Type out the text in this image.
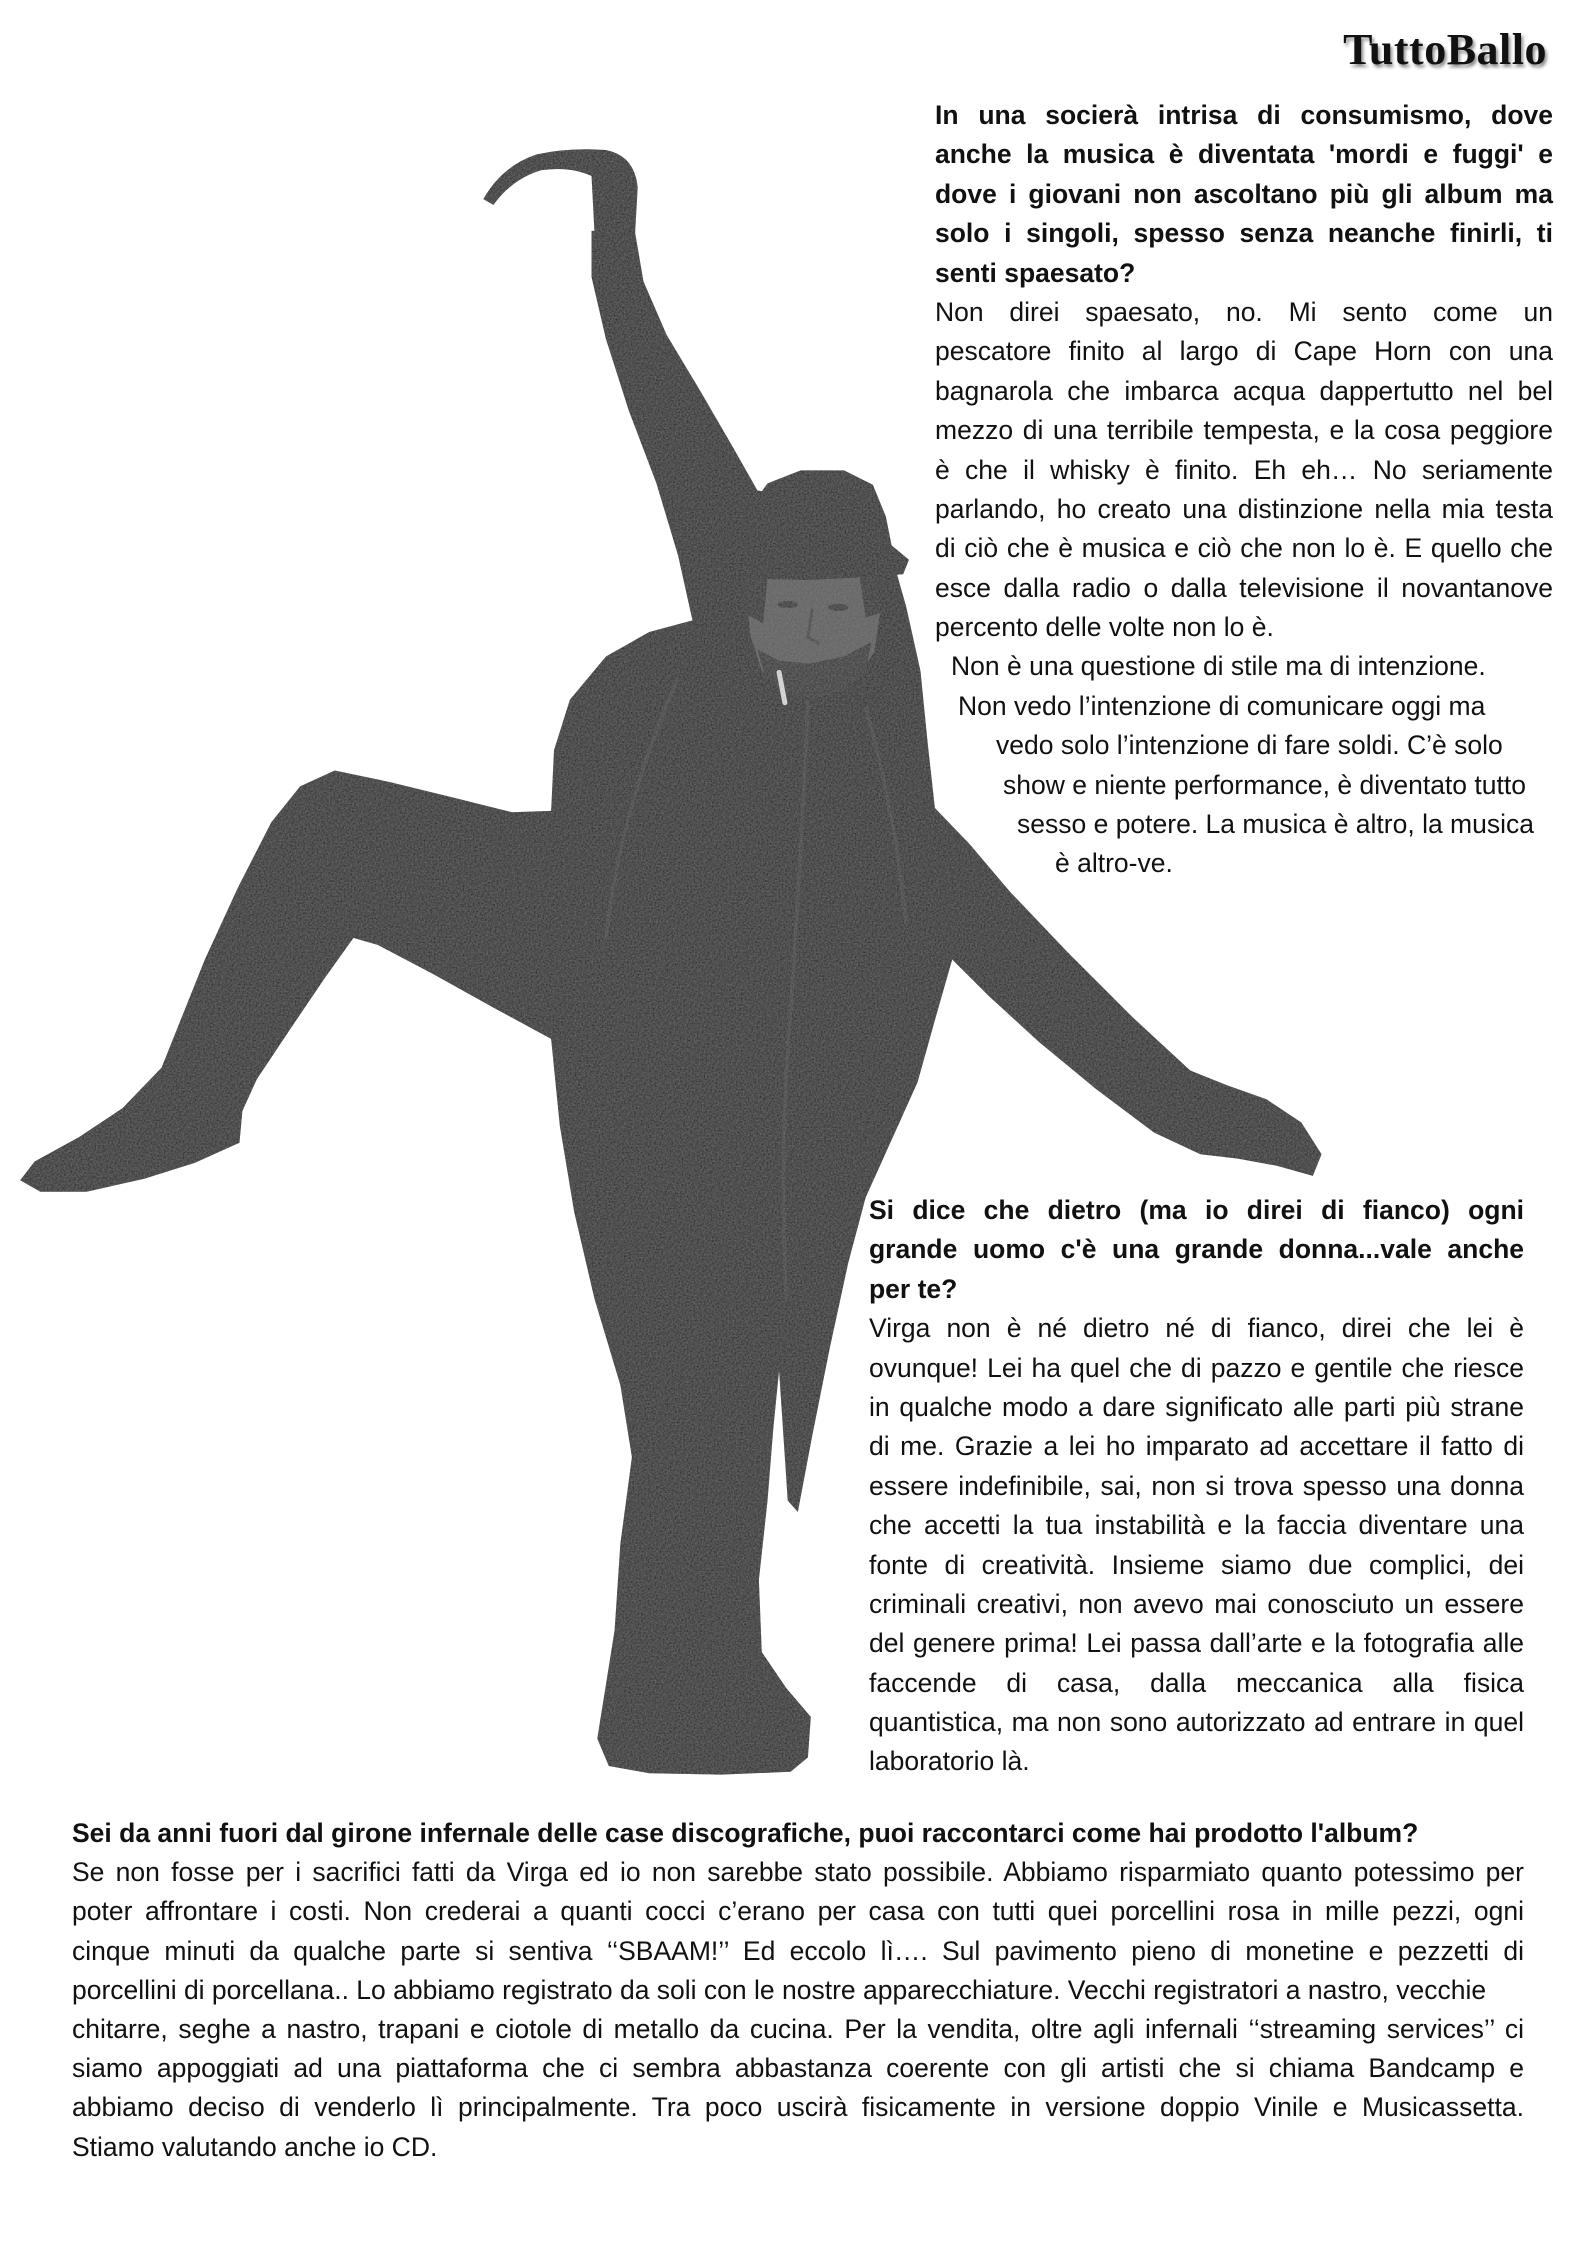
TuttoBallo
In una socierà intrisa di consumismo, dove
anche la musica è diventata 'mordi e fuggi' e
dove i giovani non ascoltano più gli album ma
solo i singoli, spesso senza neanche finirli, ti
senti spaesato?
Non direi spaesato, no. Mi sento come un
pescatore finito al largo di Cape Horn con una
bagnarola che imbarca acqua dappertutto nel bel
mezzo di una terribile tempesta, e la cosa peggiore
è che il whisky è finito. Eh eh… No seriamente
parlando, ho creato una distinzione nella mia testa
di ciò che è musica e ciò che non lo è. E quello che
esce dalla radio o dalla televisione il novantanove
percento delle volte non lo è.
Non è una questione di stile ma di intenzione.
Non vedo l’intenzione di comunicare oggi ma
vedo solo l’intenzione di fare soldi. C’è solo
show e niente performance, è diventato tutto
sesso e potere. La musica è altro, la musica
è altro-ve.
Si dice che dietro (ma io direi di fianco) ogni
grande uomo c'è una grande donna...vale anche
per te?
Virga non è né dietro né di fianco, direi che lei è
ovunque! Lei ha quel che di pazzo e gentile che riesce
in qualche modo a dare significato alle parti più strane
di me. Grazie a lei ho imparato ad accettare il fatto di
essere indefinibile, sai, non si trova spesso una donna
che accetti la tua instabilità e la faccia diventare una
fonte di creatività. Insieme siamo due complici, dei
criminali creativi, non avevo mai conosciuto un essere
del genere prima! Lei passa dall’arte e la fotografia alle
faccende di casa, dalla meccanica alla fisica
quantistica, ma non sono autorizzato ad entrare in quel
laboratorio là.
Sei da anni fuori dal girone infernale delle case discografiche, puoi raccontarci come hai prodotto l'album?
Se non fosse per i sacrifici fatti da Virga ed io non sarebbe stato possibile. Abbiamo risparmiato quanto potessimo per
poter affrontare i costi. Non crederai a quanti cocci c’erano per casa con tutti quei porcellini rosa in mille pezzi, ogni
cinque minuti da qualche parte si sentiva ‘‘SBAAM!’’ Ed eccolo lì…. Sul pavimento pieno di monetine e pezzetti di
porcellini di porcellana.. Lo abbiamo registrato da soli con le nostre apparecchiature. Vecchi registratori a nastro, vecchie
chitarre, seghe a nastro, trapani e ciotole di metallo da cucina. Per la vendita, oltre agli infernali ‘‘streaming services’’ ci
siamo appoggiati ad una piattaforma che ci sembra abbastanza coerente con gli artisti che si chiama Bandcamp e
abbiamo deciso di venderlo lì principalmente. Tra poco uscirà fisicamente in versione doppio Vinile e Musicassetta.
Stiamo valutando anche io CD.
